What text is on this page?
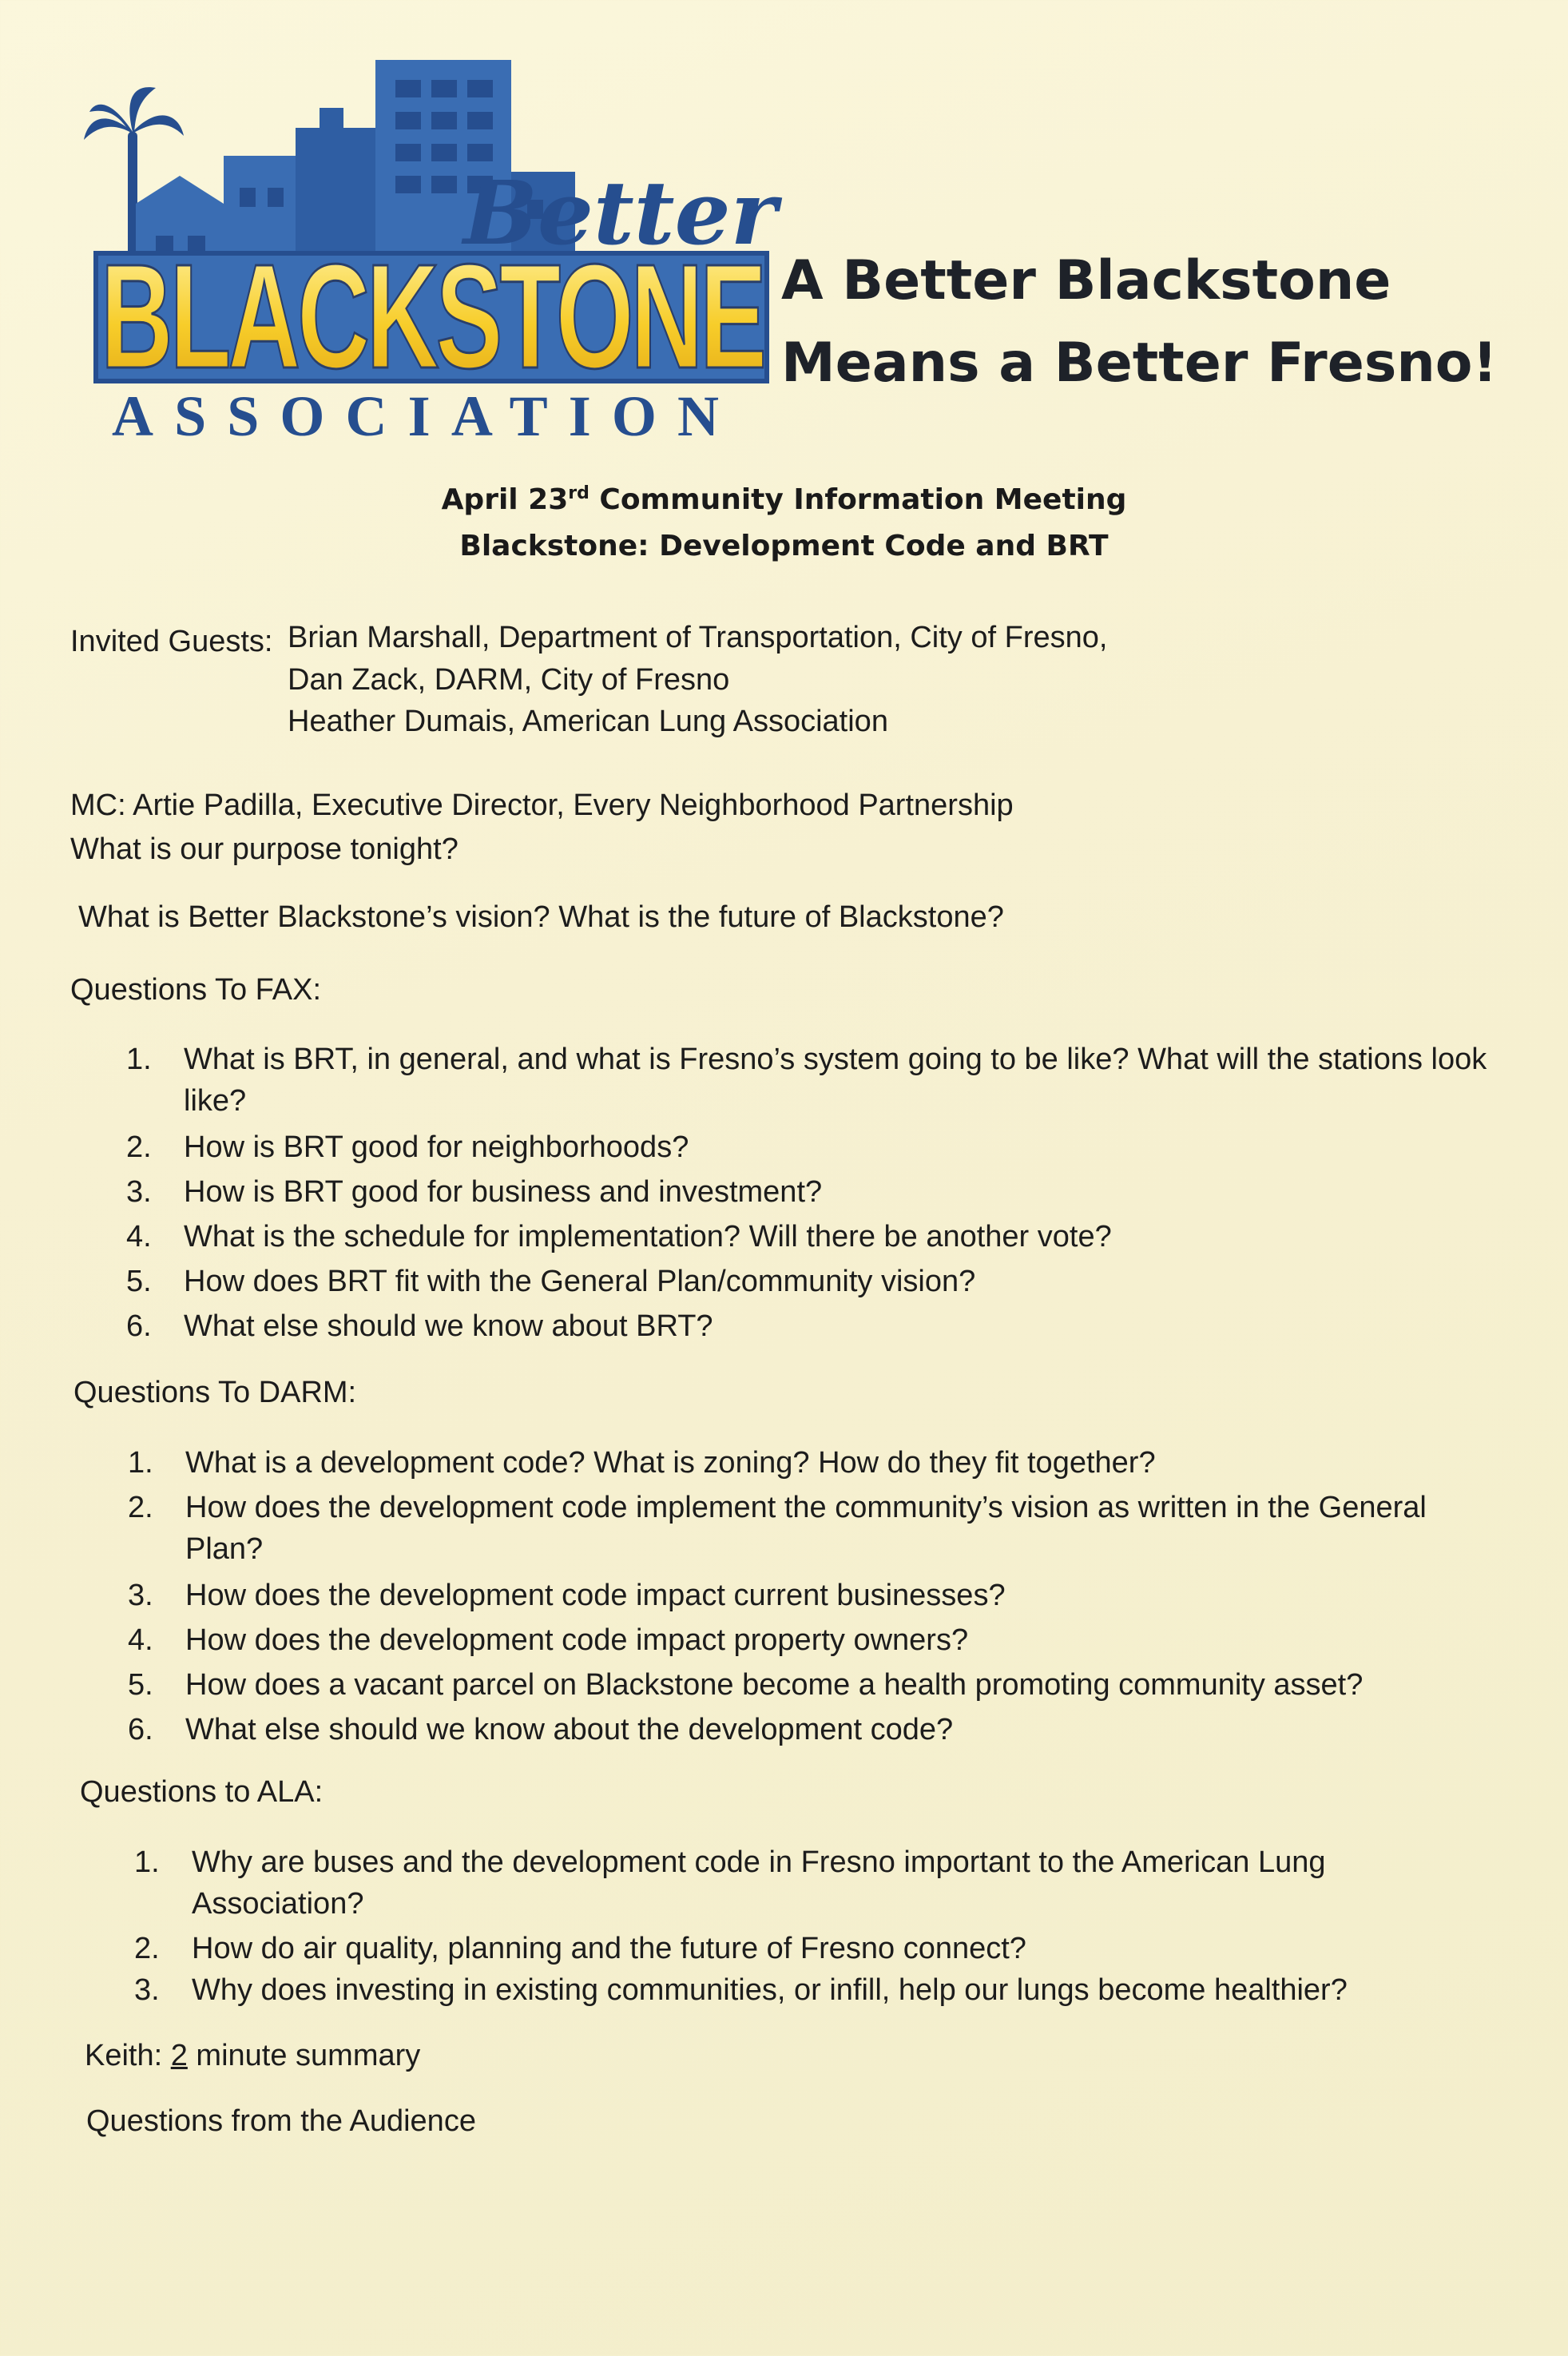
Better
BLACKSTONE
ASSOCIATION
A Better Blackstone
Means a Better Fresno!
April 23rd Community Information Meeting
Blackstone: Development Code and BRT
Invited Guests: Brian Marshall, Department of Transportation, City of Fresno,
Dan Zack, DARM, City of Fresno
Heather Dumais, American Lung Association
MC: Artie Padilla, Executive Director, Every Neighborhood Partnership
What is our purpose tonight?
What is Better Blackstone’s vision? What is the future of Blackstone?
Questions To FAX:
1.	What is BRT, in general, and what is Fresno’s system going to be like? What will the stations look
like?
2.	How is BRT good for neighborhoods?
3.	How is BRT good for business and investment?
4.	What is the schedule for implementation? Will there be another vote?
5.	How does BRT fit with the General Plan/community vision?
6.	What else should we know about BRT?
Questions To DARM:
1.	What is a development code? What is zoning? How do they fit together?
2.	How does the development code implement the community’s vision as written in the General
Plan?
3.	How does the development code impact current businesses?
4.	How does the development code impact property owners?
5.	How does a vacant parcel on Blackstone become a health promoting community asset?
6.	What else should we know about the development code?
Questions to ALA:
1.	Why are buses and the development code in Fresno important to the American Lung
Association?
2.	How do air quality, planning and the future of Fresno connect?
3.	Why does investing in existing communities, or infill, help our lungs become healthier?
Keith: 2 minute summary
Questions from the Audience
